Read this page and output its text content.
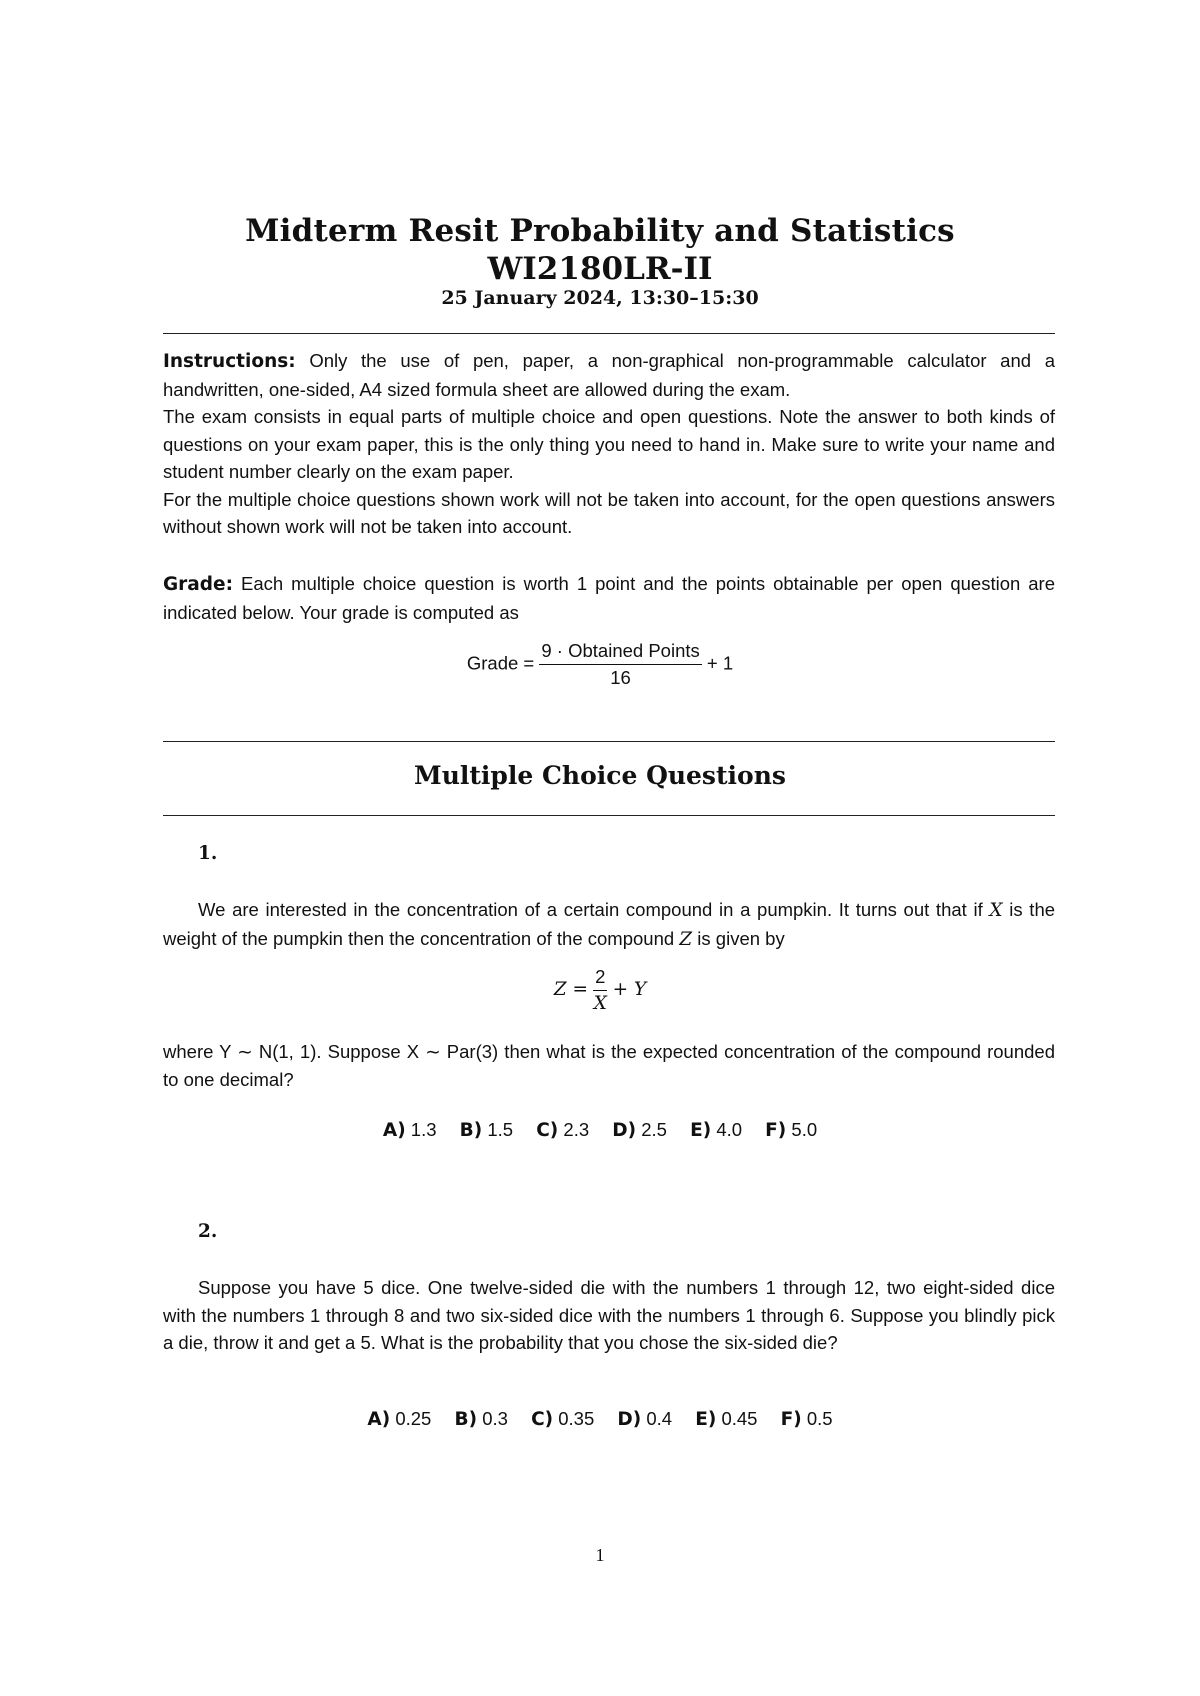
Midterm Resit Probability and Statistics
WI2180LR-II
25 January 2024, 13:30–15:30

Instructions: Only the use of pen, paper, a non-graphical non-programmable calculator and a handwritten, one-sided, A4 sized formula sheet are allowed during the exam.

The exam consists in equal parts of multiple choice and open questions. Note the answer to both kinds of questions on your exam paper, this is the only thing you need to hand in. Make sure to write your name and student number clearly on the exam paper.

For the multiple choice questions shown work will not be taken into account, for the open questions answers without shown work will not be taken into account.

Grade: Each multiple choice question is worth 1 point and the points obtainable per open question are indicated below. Your grade is computed as

Grade = $\frac{\text{9 · Obtained Points}}{16} + 1$
Multiple Choice Questions
1.

We are interested in the concentration of a certain compound in a pumpkin. It turns out that if X is the weight of the pumpkin then the concentration of the compound Z is given by

$Z = \frac{2}{X} + Y$

where Y ∼ N(1, 1). Suppose X ∼ Par(3) then what is the expected concentration of the compound rounded to one decimal?

A) 1.3 B) 1.5 C) 2.3 D) 2.5 E) 4.0 F) 5.0
2.

Suppose you have 5 dice. One twelve-sided die with the numbers 1 through 12, two eight-sided dice with the numbers 1 through 8 and two six-sided dice with the numbers 1 through 6. Suppose you blindly pick a die, throw it and get a 5. What is the probability that you chose the six-sided die?

A) 0.25 B) 0.3 C) 0.35 D) 0.4 E) 0.45 F) 0.5
1
